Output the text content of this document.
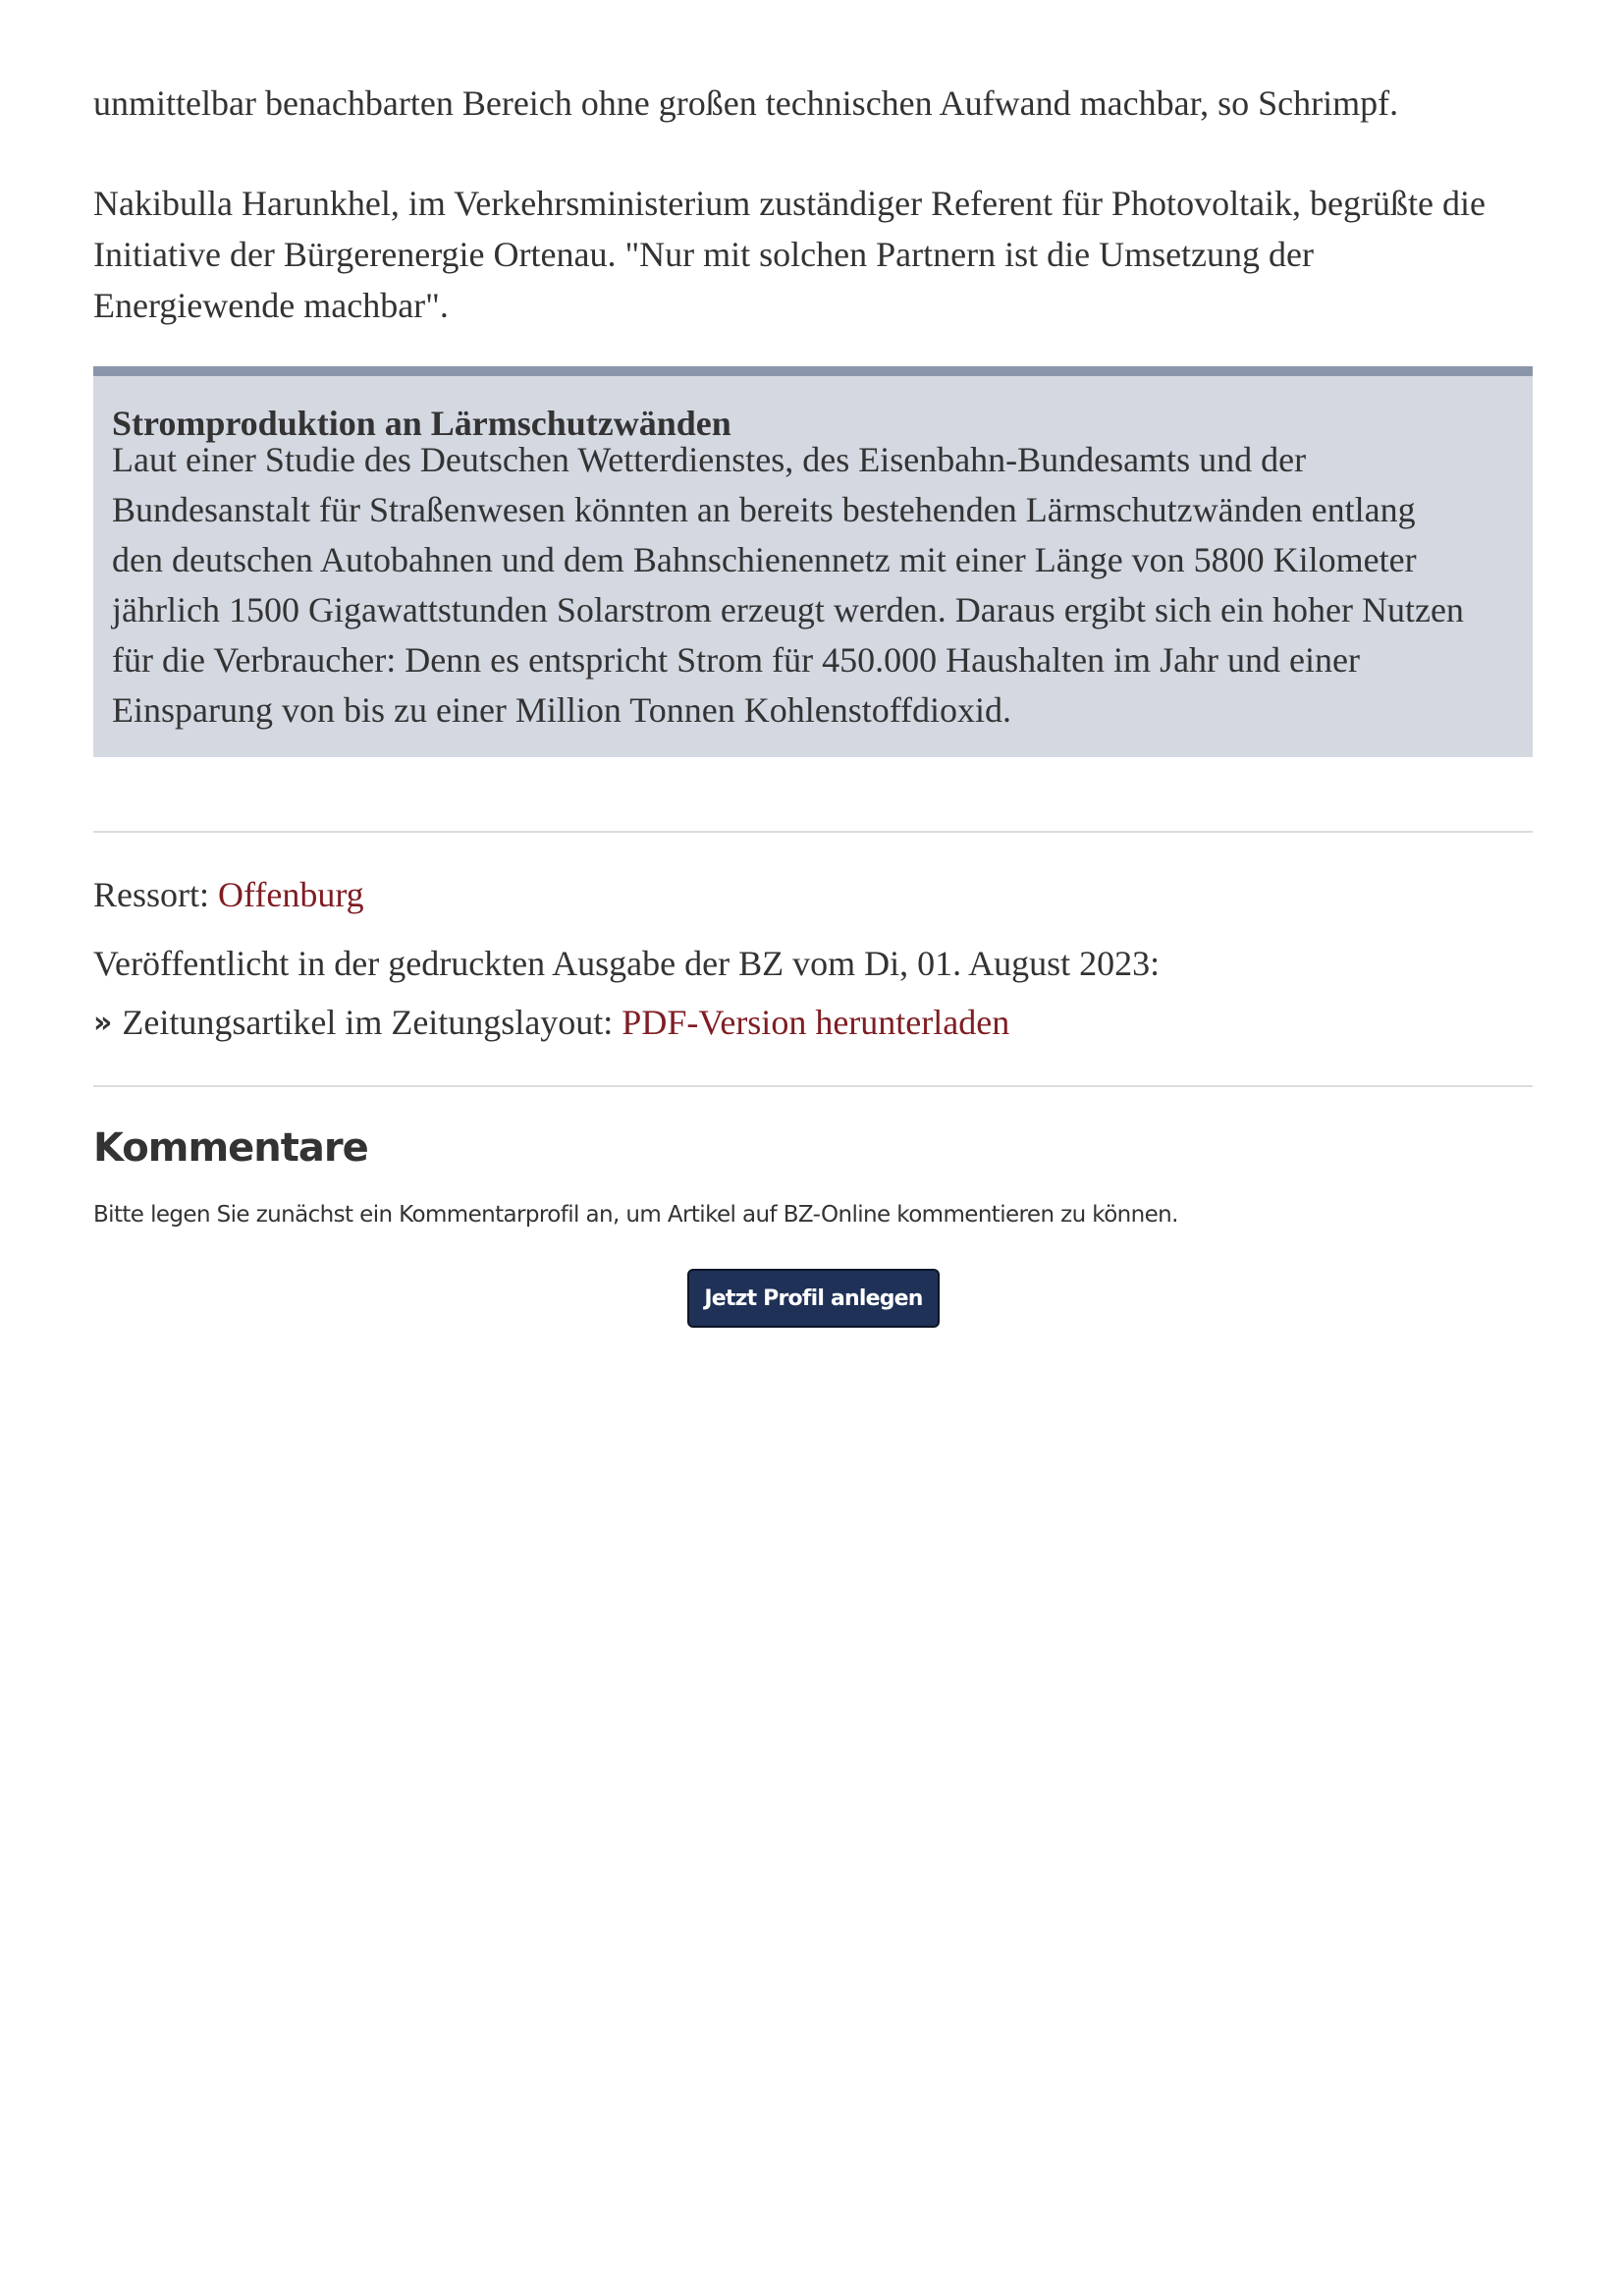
unmittelbar benachbarten Bereich ohne großen technischen Aufwand machbar, so Schrimpf.
Nakibulla Harunkhel, im Verkehrsministerium zuständiger Referent für Photovoltaik, begrüßte die
Initiative der Bürgerenergie Ortenau. "Nur mit solchen Partnern ist die Umsetzung der
Energiewende machbar".
Stromproduktion an Lärmschutzwänden
Laut einer Studie des Deutschen Wetterdienstes, des Eisenbahn-Bundesamts und der
Bundesanstalt für Straßenwesen könnten an bereits bestehenden Lärmschutzwänden entlang
den deutschen Autobahnen und dem Bahnschienennetz mit einer Länge von 5800 Kilometer
jährlich 1500 Gigawattstunden Solarstrom erzeugt werden. Daraus ergibt sich ein hoher Nutzen
für die Verbraucher: Denn es entspricht Strom für 450.000 Haushalten im Jahr und einer
Einsparung von bis zu einer Million Tonnen Kohlenstoffdioxid.
Ressort: Offenburg
Veröffentlicht in der gedruckten Ausgabe der BZ vom Di, 01. August 2023:
» Zeitungsartikel im Zeitungslayout: PDF-Version herunterladen
Kommentare
Bitte legen Sie zunächst ein Kommentarprofil an, um Artikel auf BZ-Online kommentieren zu können.
Jetzt Profil anlegen
